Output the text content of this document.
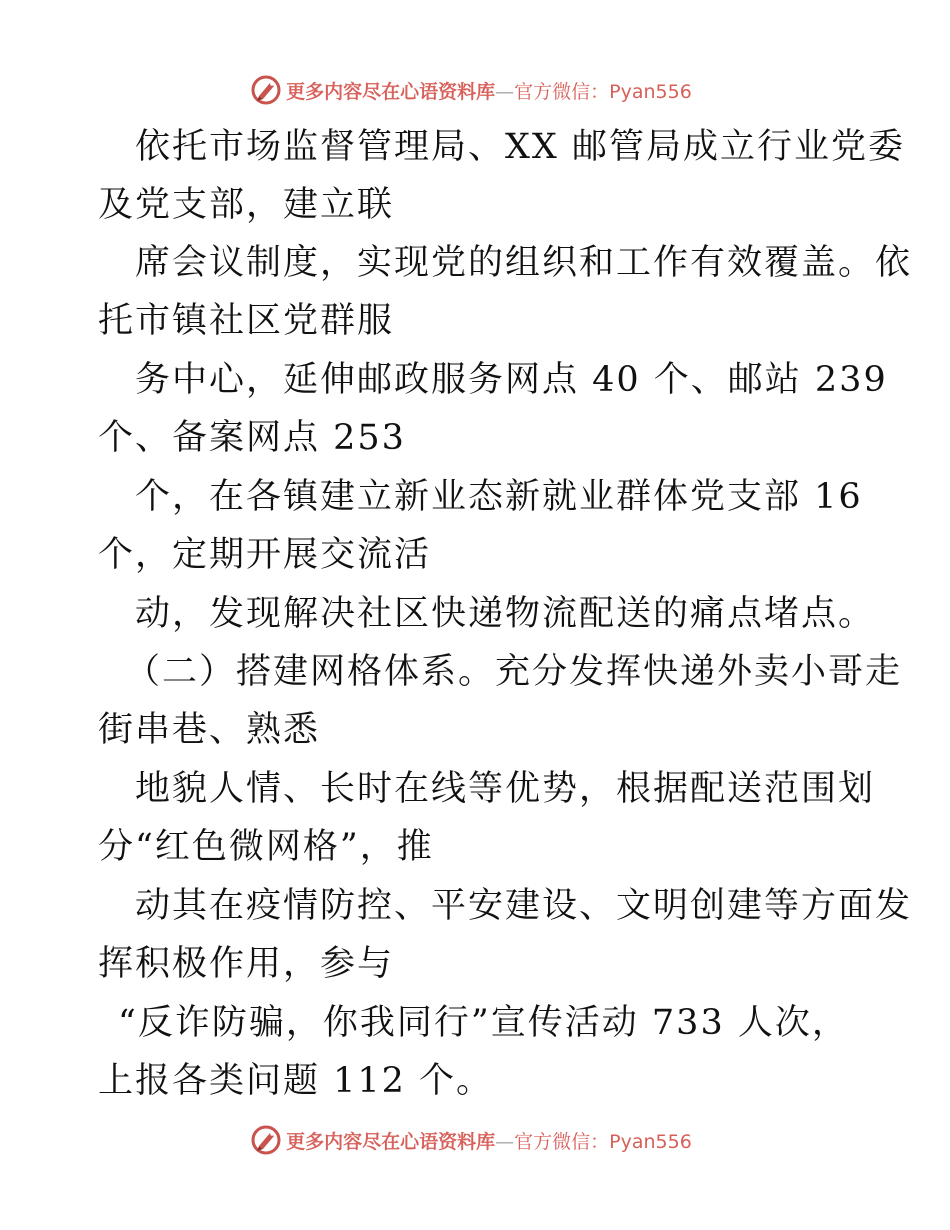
更多内容尽在心语资料库—官方微信：Pyan556
依托市场监督管理局、XX 邮管局成立行业党委
及党支部，建立联
席会议制度，实现党的组织和工作有效覆盖。依
托市镇社区党群服
务中心，延伸邮政服务网点 40 个、邮站 239
个、备案网点 253
个，在各镇建立新业态新就业群体党支部 16
个，定期开展交流活
动，发现解决社区快递物流配送的痛点堵点。
（二）搭建网格体系。充分发挥快递外卖小哥走
街串巷、熟悉
地貌人情、长时在线等优势，根据配送范围划
分“红色微网格”，推
动其在疫情防控、平安建设、文明创建等方面发
挥积极作用，参与
“反诈防骗，你我同行”宣传活动 733 人次，
上报各类问题 112 个。
更多内容尽在心语资料库—官方微信：Pyan556
